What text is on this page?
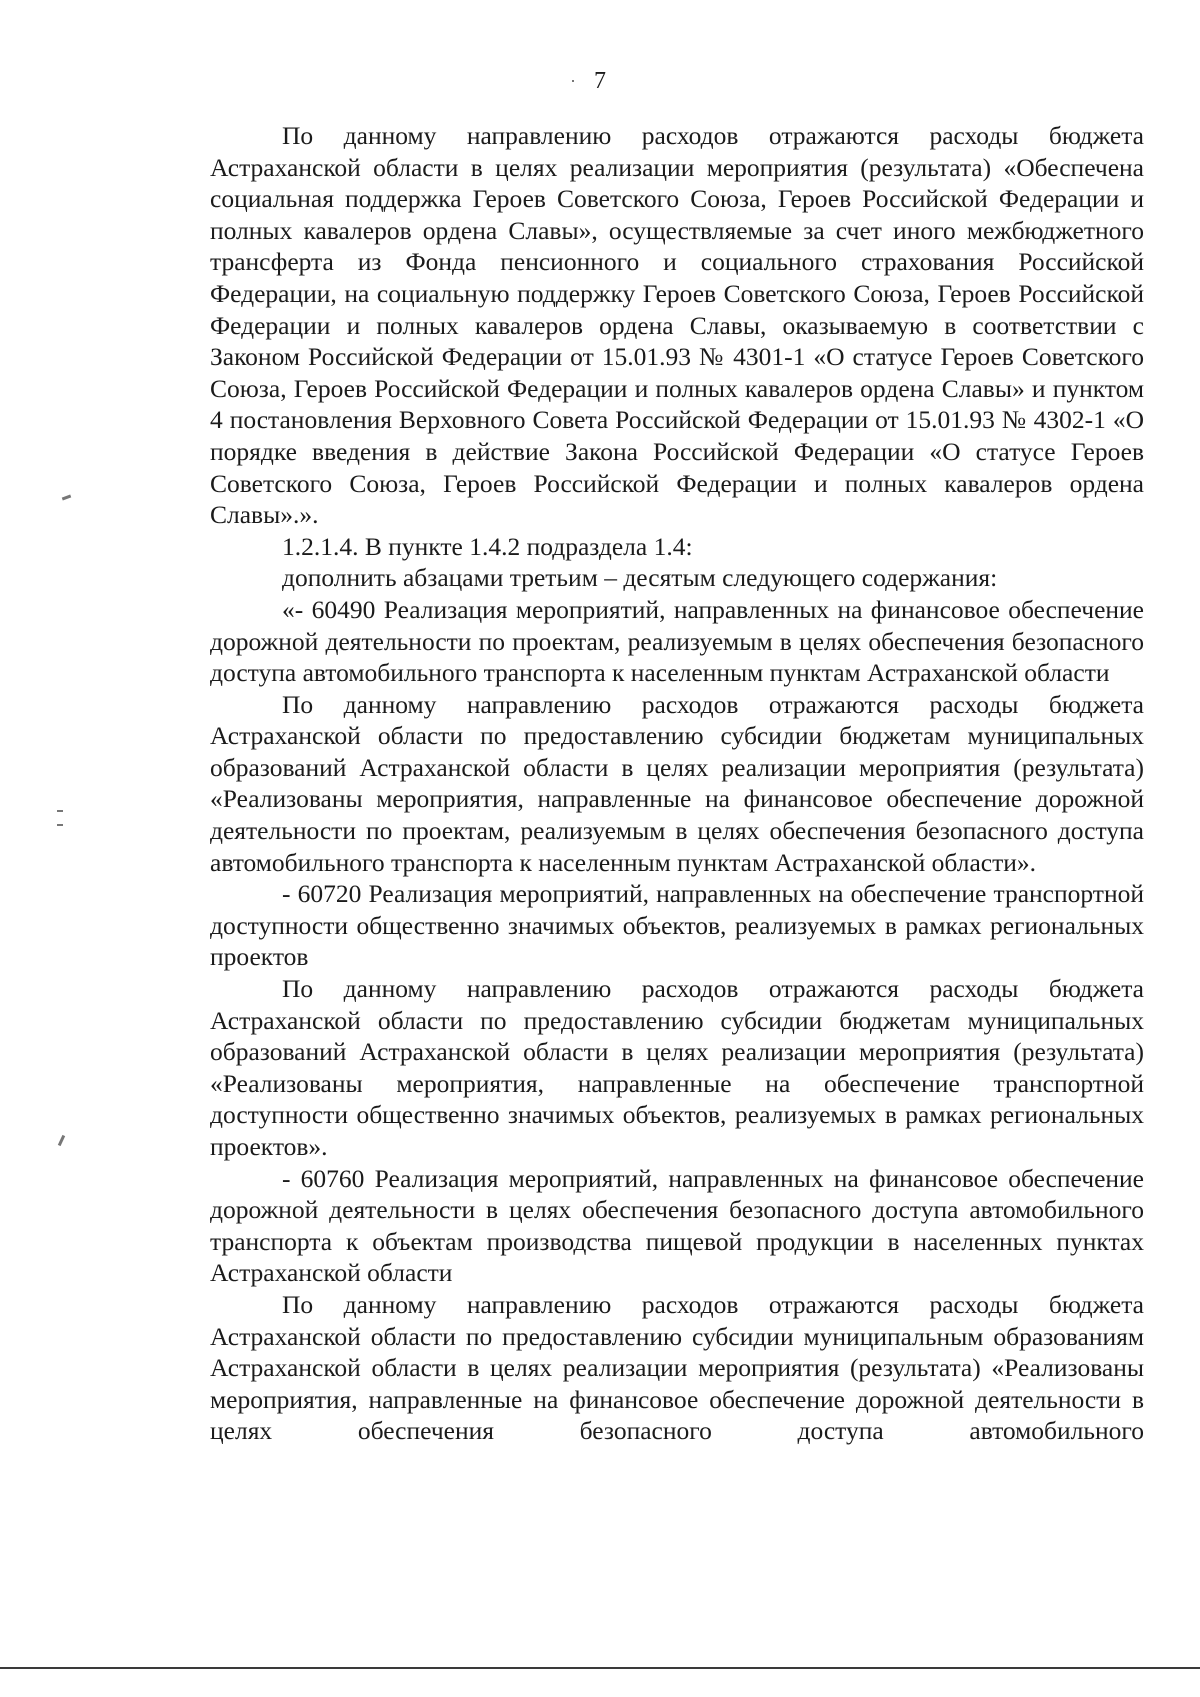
7

По данному направлению расходов отражаются расходы бюджета Астраханской области в целях реализации мероприятия (результата) «Обеспечена социальная поддержка Героев Советского Союза, Героев Российской Федерации и полных кавалеров ордена Славы», осуществляемые за счет иного межбюджетного трансферта из Фонда пенсионного и социального страхования Российской Федерации, на социальную поддержку Героев Советского Союза, Героев Российской Федерации и полных кавалеров ордена Славы, оказываемую в соответствии с Законом Российской Федерации от 15.01.93 № 4301-1 «О статусе Героев Советского Союза, Героев Российской Федерации и полных кавалеров ордена Славы» и пунктом 4 постановления Верховного Совета Российской Федерации от 15.01.93 № 4302-1 «О порядке введения в действие Закона Российской Федерации «О статусе Героев Советского Союза, Героев Российской Федерации и полных кавалеров ордена Славы».».

1.2.1.4. В пункте 1.4.2 подраздела 1.4:

дополнить абзацами третьим – десятым следующего содержания:

«- 60490 Реализация мероприятий, направленных на финансовое обеспечение дорожной деятельности по проектам, реализуемым в целях обеспечения безопасного доступа автомобильного транспорта к населенным пунктам Астраханской области

По данному направлению расходов отражаются расходы бюджета Астраханской области по предоставлению субсидии бюджетам муниципальных образований Астраханской области в целях реализации мероприятия (результата) «Реализованы мероприятия, направленные на финансовое обеспечение дорожной деятельности по проектам, реализуемым в целях обеспечения безопасного доступа автомобильного транспорта к населенным пунктам Астраханской области».

- 60720 Реализация мероприятий, направленных на обеспечение транспортной доступности общественно значимых объектов, реализуемых в рамках региональных проектов

По данному направлению расходов отражаются расходы бюджета Астраханской области по предоставлению субсидии бюджетам муниципальных образований Астраханской области в целях реализации мероприятия (результата) «Реализованы мероприятия, направленные на обеспечение транспортной доступности общественно значимых объектов, реализуемых в рамках региональных проектов».

- 60760 Реализация мероприятий, направленных на финансовое обеспечение дорожной деятельности в целях обеспечения безопасного доступа автомобильного транспорта к объектам производства пищевой продукции в населенных пунктах Астраханской области

По данному направлению расходов отражаются расходы бюджета Астраханской области по предоставлению субсидии муниципальным образованиям Астраханской области в целях реализации мероприятия (результата) «Реализованы мероприятия, направленные на финансовое обеспечение дорожной деятельности в целях обеспечения безопасного доступа автомобильного
